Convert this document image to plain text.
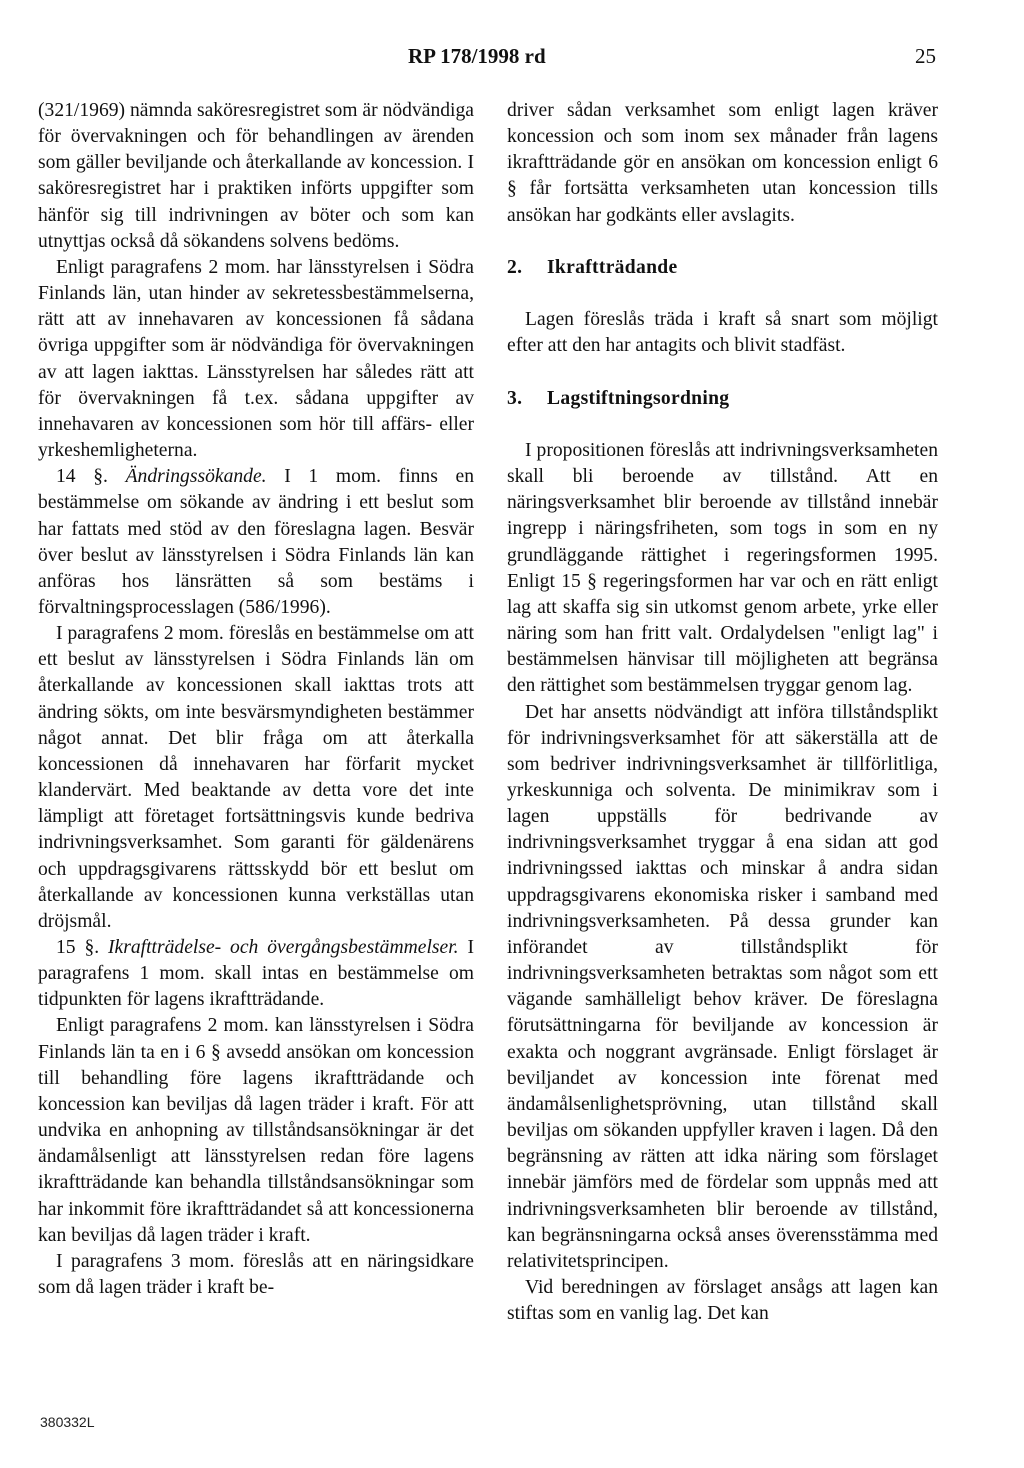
RP 178/1998 rd	25

(321/1969) nämnda saköresregistret som är nödvändiga för övervakningen och för behandlingen av ärenden som gäller beviljande och återkallande av koncession. I saköresregistret har i praktiken införts uppgifter som hänför sig till indrivningen av böter och som kan utnyttjas också då sökandens solvens bedöms.

Enligt paragrafens 2 mom. har länsstyrelsen i Södra Finlands län, utan hinder av sekretessbestämmelserna, rätt att av innehavaren av koncessionen få sådana övriga uppgifter som är nödvändiga för övervakningen av att lagen iakttas. Länsstyrelsen har således rätt att för övervakningen få t.ex. sådana uppgifter av innehavaren av koncessionen som hör till affärs- eller yrkeshemligheterna.

14 §. Ändringssökande. I 1 mom. finns en bestämmelse om sökande av ändring i ett beslut som har fattats med stöd av den föreslagna lagen. Besvär över beslut av länsstyrelsen i Södra Finlands län kan anföras hos länsrätten så som bestäms i förvaltningsprocesslagen (586/1996).

I paragrafens 2 mom. föreslås en bestämmelse om att ett beslut av länsstyrelsen i Södra Finlands län om återkallande av koncessionen skall iakttas trots att ändring sökts, om inte besvärsmyndigheten bestämmer något annat. Det blir fråga om att återkalla koncessionen då innehavaren har förfarit mycket klandervärt. Med beaktande av detta vore det inte lämpligt att företaget fortsättningsvis kunde bedriva indrivningsverksamhet. Som garanti för gäldenärens och uppdragsgivarens rättsskydd bör ett beslut om återkallande av koncessionen kunna verkställas utan dröjsmål.

15 §. Ikraftträdelse- och övergångsbestämmelser. I paragrafens 1 mom. skall intas en bestämmelse om tidpunkten för lagens ikraftträdande.

Enligt paragrafens 2 mom. kan länsstyrelsen i Södra Finlands län ta en i 6 § avsedd ansökan om koncession till behandling före lagens ikraftträdande och koncession kan beviljas då lagen träder i kraft. För att undvika en anhopning av tillståndsansökningar är det ändamålsenligt att länsstyrelsen redan före lagens ikraftträdande kan behandla tillståndsansökningar som har inkommit före ikraftträdandet så att koncessionerna kan beviljas då lagen träder i kraft.

I paragrafens 3 mom. föreslås att en näringsidkare som då lagen träder i kraft be-

driver sådan verksamhet som enligt lagen kräver koncession och som inom sex månader från lagens ikraftträdande gör en ansökan om koncession enligt 6 § får fortsätta verksamheten utan koncession tills ansökan har godkänts eller avslagits.

2. Ikraftträdande

Lagen föreslås träda i kraft så snart som möjligt efter att den har antagits och blivit stadfäst.

3. Lagstiftningsordning

I propositionen föreslås att indrivningsverksamheten skall bli beroende av tillstånd. Att en näringsverksamhet blir beroende av tillstånd innebär ingrepp i näringsfriheten, som togs in som en ny grundläggande rättighet i regeringsformen 1995. Enligt 15 § regeringsformen har var och en rätt enligt lag att skaffa sig sin utkomst genom arbete, yrke eller näring som han fritt valt. Ordalydelsen "enligt lag" i bestämmelsen hänvisar till möjligheten att begränsa den rättighet som bestämmelsen tryggar genom lag.

Det har ansetts nödvändigt att införa tillståndsplikt för indrivningsverksamhet för att säkerställa att de som bedriver indrivningsverksamhet är tillförlitliga, yrkeskunniga och solventa. De minimikrav som i lagen uppställs för bedrivande av indrivningsverksamhet tryggar å ena sidan att god indrivningssed iakttas och minskar å andra sidan uppdragsgivarens ekonomiska risker i samband med indrivningsverksamheten. På dessa grunder kan införandet av tillståndsplikt för indrivningsverksamheten betraktas som något som ett vägande samhälleligt behov kräver. De föreslagna förutsättningarna för beviljande av koncession är exakta och noggrant avgränsade. Enligt förslaget är beviljandet av koncession inte förenat med ändamålsenlighetsprövning, utan tillstånd skall beviljas om sökanden uppfyller kraven i lagen. Då den begränsning av rätten att idka näring som förslaget innebär jämförs med de fördelar som uppnås med att indrivningsverksamheten blir beroende av tillstånd, kan begränsningarna också anses överensstämma med relativitetsprincipen.

Vid beredningen av förslaget ansågs att lagen kan stiftas som en vanlig lag. Det kan

380332L
